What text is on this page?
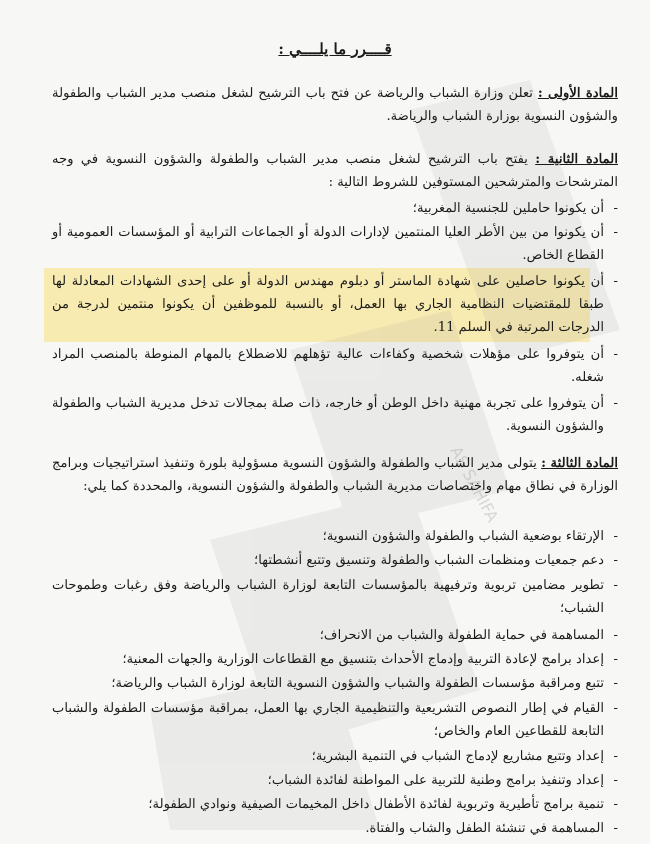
AS SAHIFA
قــــرر ما يلــــي :

المادة الأولى : تعلن وزارة الشباب والرياضة عن فتح باب الترشيح لشغل منصب مدير الشباب والطفولة والشؤون النسوية بوزارة الشباب والرياضة.

المادة الثانية : يفتح باب الترشيح لشغل منصب مدير الشباب والطفولة والشؤون النسوية في وجه المترشحات والمترشحين المستوفين للشروط التالية :

-
أن يكونوا حاملين للجنسية المغربية؛

-
أن يكونوا من بين الأطر العليا المنتمين لإدارات الدولة أو الجماعات الترابية أو المؤسسات العمومية أو القطاع الخاص.

-
أن يكونوا حاصلين على شهادة الماستر أو دبلوم مهندس الدولة أو على إحدى الشهادات المعادلة لها طبقا للمقتضيات النظامية الجاري بها العمل، أو بالنسبة للموظفين أن يكونوا منتمين لدرجة من الدرجات المرتبة في السلم 11.

-
أن يتوفروا على مؤهلات شخصية وكفاءات عالية تؤهلهم للاضطلاع بالمهام المنوطة بالمنصب المراد شغله.

-
أن يتوفروا على تجربة مهنية داخل الوطن أو خارجه، ذات صلة بمجالات تدخل مديرية الشباب والطفولة والشؤون النسوية.

المادة الثالثة : يتولى مدير الشباب والطفولة والشؤون النسوية مسؤولية بلورة وتنفيذ استراتيجيات وبرامج الوزارة في نطاق مهام واختصاصات مديرية الشباب والطفولة والشؤون النسوية، والمحددة كما يلي:

-
الإرتقاء بوضعية الشباب والطفولة والشؤون النسوية؛

-
دعم جمعيات ومنظمات الشباب والطفولة وتنسيق وتتبع أنشطتها؛

-
تطوير مضامين تربوية وترفيهية بالمؤسسات التابعة لوزارة الشباب والرياضة وفق رغبات وطموحات الشباب؛

-
المساهمة في حماية الطفولة والشباب من الانحراف؛

-
إعداد برامج لإعادة التربية وإدماج الأحداث بتنسيق مع القطاعات الوزارية والجهات المعنية؛

-
تتبع ومراقبة مؤسسات الطفولة والشباب والشؤون النسوية التابعة لوزارة الشباب والرياضة؛

-
القيام في إطار النصوص التشريعية والتنظيمية الجاري بها العمل، بمراقبة مؤسسات الطفولة والشباب التابعة للقطاعين العام والخاص؛

-
إعداد وتتبع مشاريع لإدماج الشباب في التنمية البشرية؛

-
إعداد وتنفيذ برامج وطنية للتربية على المواطنة لفائدة الشباب؛

-
تنمية برامج تأطيرية وتربوية لفائدة الأطفال داخل المخيمات الصيفية ونوادي الطفولة؛

-
المساهمة في تنشئة الطفل والشاب والفتاة.
